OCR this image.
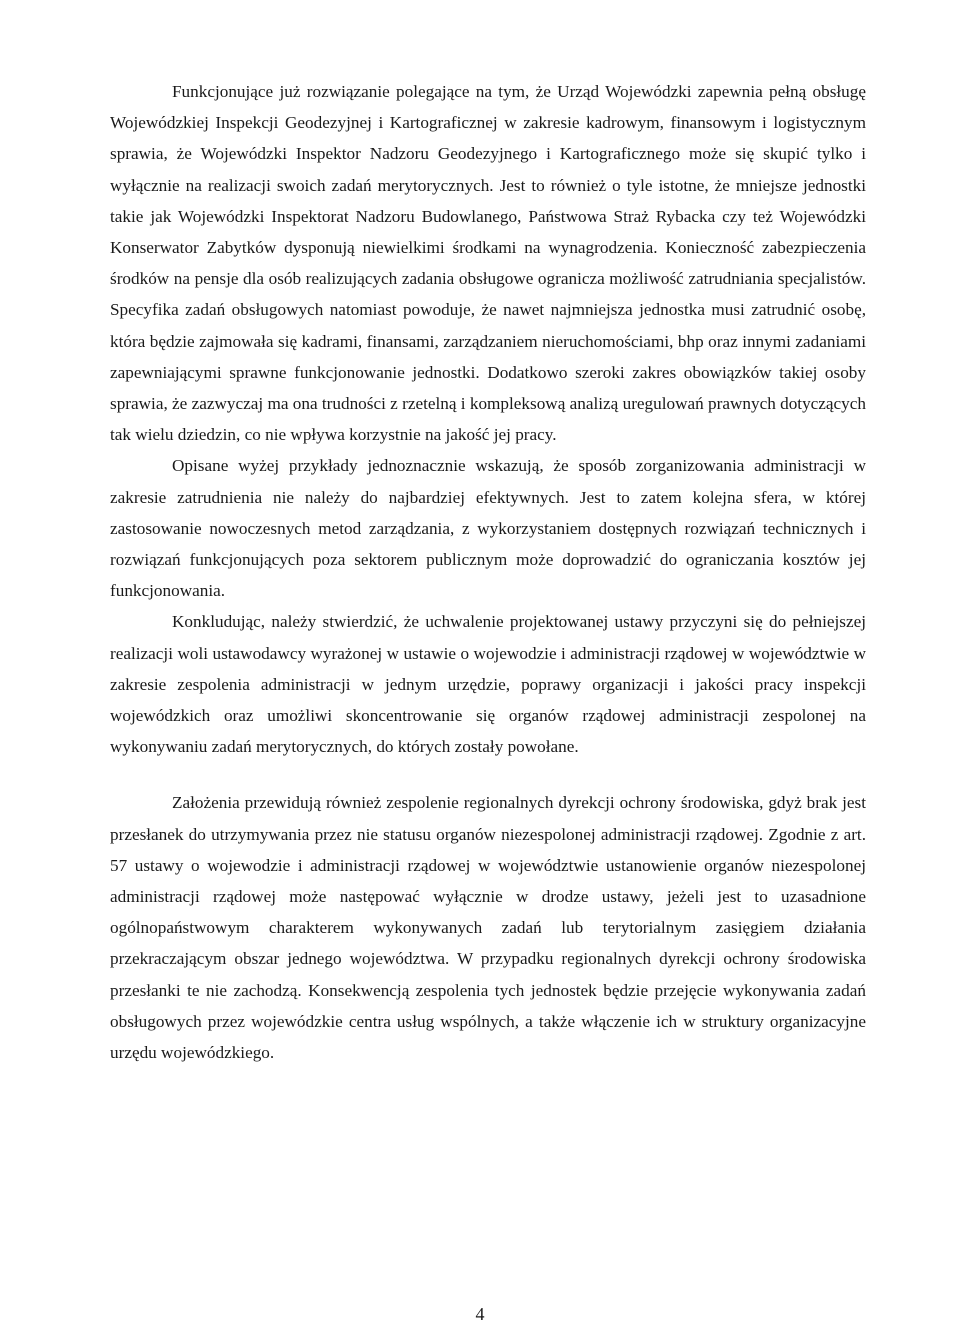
Funkcjonujące już rozwiązanie polegające na tym, że Urząd Wojewódzki zapewnia pełną obsługę Wojewódzkiej Inspekcji Geodezyjnej i Kartograficznej w zakresie kadrowym, finansowym i logistycznym sprawia, że Wojewódzki Inspektor Nadzoru Geodezyjnego i Kartograficznego może się skupić tylko i wyłącznie na realizacji swoich zadań merytorycznych. Jest to również o tyle istotne, że mniejsze jednostki takie jak Wojewódzki Inspektorat Nadzoru Budowlanego, Państwowa Straż Rybacka czy też Wojewódzki Konserwator Zabytków dysponują niewielkimi środkami na wynagrodzenia. Konieczność zabezpieczenia środków na pensje dla osób realizujących zadania obsługowe ogranicza możliwość zatrudniania specjalistów. Specyfika zadań obsługowych natomiast powoduje, że nawet najmniejsza jednostka musi zatrudnić osobę, która będzie zajmowała się kadrami, finansami, zarządzaniem nieruchomościami, bhp oraz innymi zadaniami zapewniającymi sprawne funkcjonowanie jednostki. Dodatkowo szeroki zakres obowiązków takiej osoby sprawia, że zazwyczaj ma ona trudności z rzetelną i kompleksową analizą uregulowań prawnych dotyczących tak wielu dziedzin, co nie wpływa korzystnie na jakość jej pracy.

Opisane wyżej przykłady jednoznacznie wskazują, że sposób zorganizowania administracji w zakresie zatrudnienia nie należy do najbardziej efektywnych. Jest to zatem kolejna sfera, w której zastosowanie nowoczesnych metod zarządzania, z wykorzystaniem dostępnych rozwiązań technicznych i rozwiązań funkcjonujących poza sektorem publicznym może doprowadzić do ograniczania kosztów jej funkcjonowania.

Konkludując, należy stwierdzić, że uchwalenie projektowanej ustawy przyczyni się do pełniejszej realizacji woli ustawodawcy wyrażonej w ustawie o wojewodzie i administracji rządowej w województwie w zakresie zespolenia administracji w jednym urzędzie, poprawy organizacji i jakości pracy inspekcji wojewódzkich oraz umożliwi skoncentrowanie się organów rządowej administracji zespolonej na wykonywaniu zadań merytorycznych, do których zostały powołane.

Założenia przewidują również zespolenie regionalnych dyrekcji ochrony środowiska, gdyż brak jest przesłanek do utrzymywania przez nie statusu organów niezespolonej administracji rządowej. Zgodnie z art. 57 ustawy o wojewodzie i administracji rządowej w województwie ustanowienie organów niezespolonej administracji rządowej może następować wyłącznie w drodze ustawy, jeżeli jest to uzasadnione ogólnopaństwowym charakterem wykonywanych zadań lub terytorialnym zasięgiem działania przekraczającym obszar jednego województwa. W przypadku regionalnych dyrekcji ochrony środowiska przesłanki te nie zachodzą. Konsekwencją zespolenia tych jednostek będzie przejęcie wykonywania zadań obsługowych przez wojewódzkie centra usług wspólnych, a także włączenie ich w struktury organizacyjne urzędu wojewódzkiego.

4
